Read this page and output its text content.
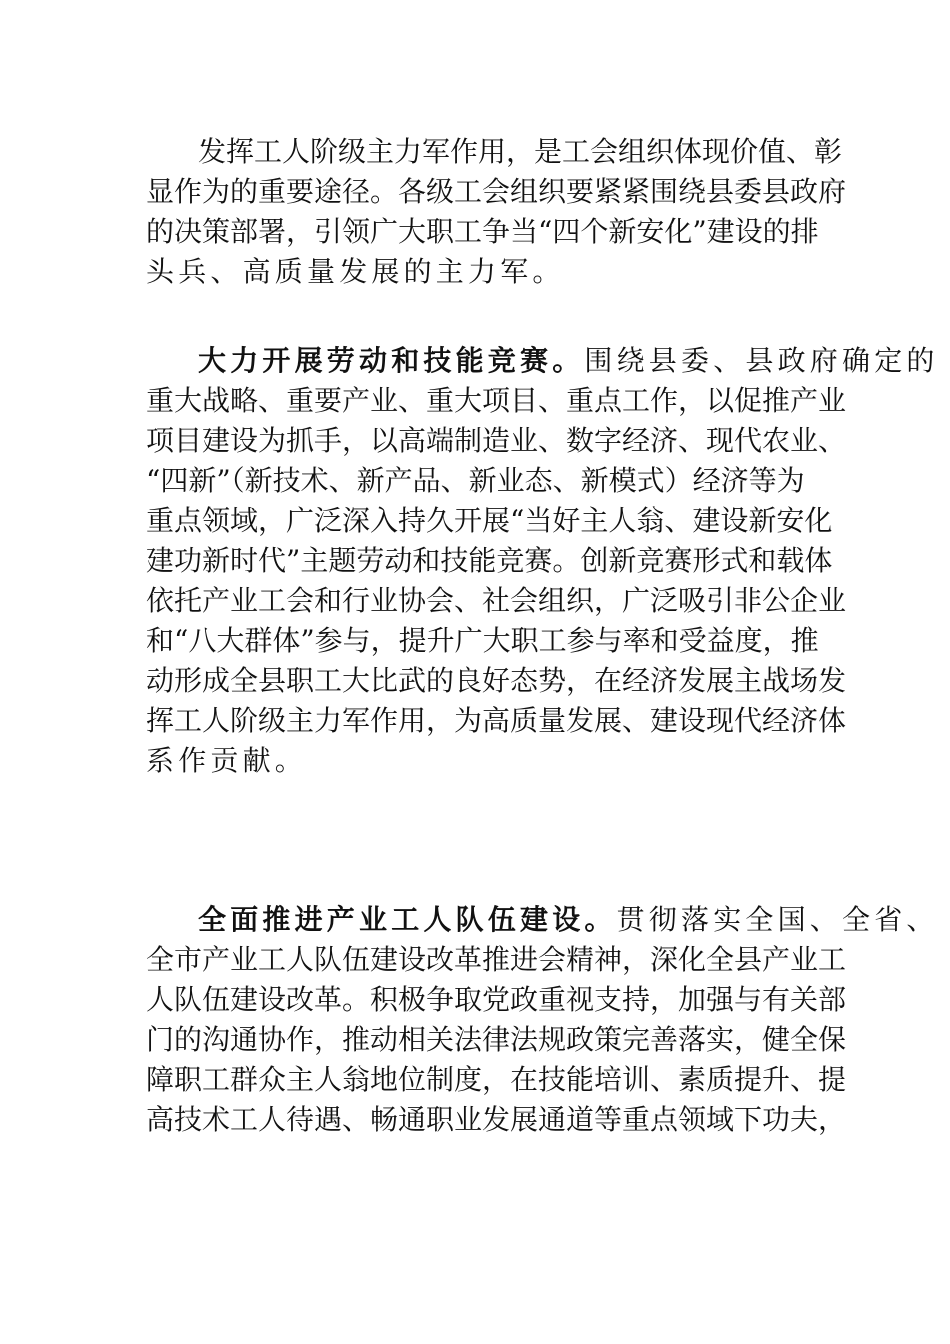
发挥工人阶级主力军作用，是工会组织体现价值、彰
显作为的重要途径。各级工会组织要紧紧围绕县委县政府
的决策部署，引领广大职工争当“四个新安化”建设的排
头兵、高质量发展的主力军。
大力开展劳动和技能竞赛。 围绕县委、县政府确定的
重大战略、重要产业、重大项目、重点工作，以促推产业
项目建设为抓手，以高端制造业、数字经济、现代农业、
“四新”（新技术、新产品、新业态、新模式）经济等为
重点领域，广泛深入持久开展“当好主人翁、建设新安化
建功新时代”主题劳动和技能竞赛。创新竞赛形式和载体
依托产业工会和行业协会、社会组织，广泛吸引非公企业
和“八大群体”参与，提升广大职工参与率和受益度，推
动形成全县职工大比武的良好态势，在经济发展主战场发
挥工人阶级主力军作用，为高质量发展、建设现代经济体
系作贡献。
全面推进产业工人队伍建设。 贯彻落实全国、全省、
全市产业工人队伍建设改革推进会精神，深化全县产业工
人队伍建设改革。积极争取党政重视支持，加强与有关部
门的沟通协作，推动相关法律法规政策完善落实，健全保
障职工群众主人翁地位制度，在技能培训、素质提升、提
高技术工人待遇、畅通职业发展通道等重点领域下功夫，
